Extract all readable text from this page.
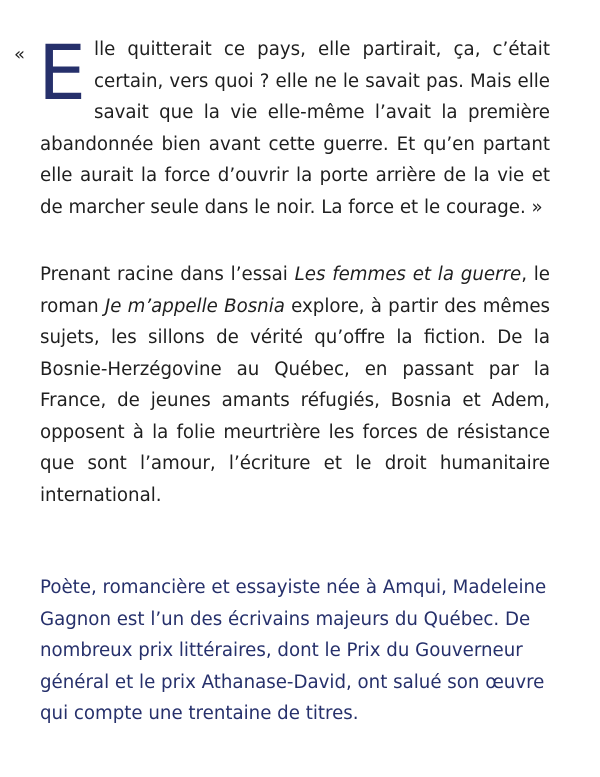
« Elle quitterait ce pays, elle partirait, ça, c’était certain, vers quoi ? elle ne le savait pas. Mais elle savait que la vie elle-même l’avait la première abandonnée bien avant cette guerre. Et qu’en partant elle aurait la force d’ouvrir la porte arrière de la vie et de marcher seule dans le noir. La force et le courage. »

Prenant racine dans l’essai Les femmes et la guerre, le roman Je m’appelle Bosnia explore, à partir des mêmes sujets, les sillons de vérité qu’offre la fiction. De la Bosnie-Herzégovine au Québec, en passant par la France, de jeunes amants réfugiés, Bosnia et Adem, opposent à la folie meurtrière les forces de résistance que sont l’amour, l’écriture et le droit humanitaire international.

Poète, romancière et essayiste née à Amqui, Madeleine Gagnon est l’un des écrivains majeurs du Québec. De nombreux prix littéraires, dont le Prix du Gouverneur général et le prix Athanase-David, ont salué son œuvre qui compte une trentaine de titres.
